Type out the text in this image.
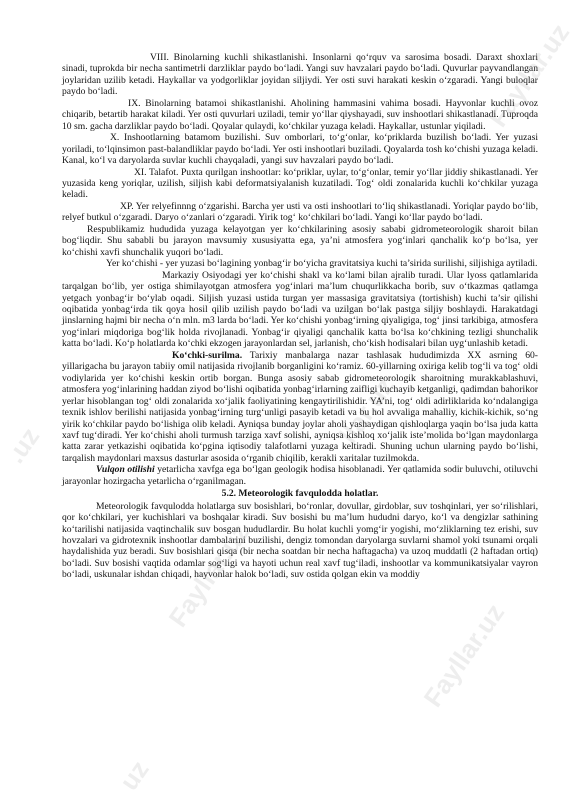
VIII. Binolarning kuchli shikastlanishi. Insonlarni qo‘rquv va sarosima bosadi. Daraxt shoxlari sinadi, tuprokda bir necha santimetrli darzliklar paydo bo‘ladi. Yangi suv havzalari paydo bo‘ladi. Quvurlar payvandlangan joylaridan uzilib ketadi. Haykallar va yodgorliklar joyidan siljiydi. Yer osti suvi harakati keskin o‘zgaradi. Yangi buloqlar paydo bo‘ladi.

IX. Binolarning batamoi shikastlanishi. Aholining hammasini vahima bosadi. Hayvonlar kuchli ovoz chiqarib, betartib harakat kiladi. Yer osti quvurlari uziladi, temir yo‘llar qiyshayadi, suv inshootlari shikastlanadi. Tuproqda 10 sm. gacha darzliklar paydo bo‘ladi. Qoyalar qulaydi, ko‘chkilar yuzaga keladi. Haykallar, ustunlar yiqiladi.

X. Inshootlarning batamom buzilishi. Suv omborlari, to‘g‘onlar, ko‘priklarda buzilish bo‘ladi. Yer yuzasi yoriladi, to‘lqinsimon past-balandliklar paydo bo‘ladi. Yer osti inshootlari buziladi. Qoyalarda tosh ko‘chishi yuzaga keladi. Kanal, ko‘l va daryolarda suvlar kuchli chayqaladi, yangi suv havzalari paydo bo‘ladi.

XI. Talafot. Puxta qurilgan inshootlar: ko‘priklar, uylar, to‘g‘onlar, temir yo‘llar jiddiy shikastlanadi. Yer yuzasida keng yoriqlar, uzilish, siljish kabi deformatsiyalanish kuzatiladi. Tog‘ oldi zonalarida kuchli ko‘chkilar yuzaga keladi.

XP. Yer relyefinnng o‘zgarishi. Barcha yer usti va osti inshootlari to‘liq shikastlanadi. Yoriqlar paydo bo‘lib, relyef butkul o‘zgaradi. Daryo o‘zanlari o‘zgaradi. Yirik tog‘ ko‘chkilari bo‘ladi. Yangi ko‘llar paydo bo‘ladi.

Respublikamiz hududida yuzaga kelayotgan yer ko‘chkilarining asosiy sababi gidrometeorologik sharoit bilan bog‘liqdir. Shu sababli bu jarayon mavsumiy xususiyatta ega, ya’ni atmosfera yog‘inlari qanchalik ko‘p bo‘lsa, yer ko‘chishi xavfi shunchalik yuqori bo‘ladi.

Yer ko‘chishi - yer yuzasi bo‘lagining yonbag‘ir bo‘yicha gravitatsiya kuchi ta’sirida surilishi, siljishiga aytiladi.

Markaziy Osiyodagi yer ko‘chishi shakl va ko‘lami bilan ajralib turadi. Ular lyoss qatlamlarida tarqalgan bo‘lib, yer ostiga shimilayotgan atmosfera yog‘inlari ma’lum chuqurlikkacha borib, suv o‘tkazmas qatlamga yetgach yonbag‘ir bo‘ylab oqadi. Siljish yuzasi ustida turgan yer massasiga gravitatsiya (tortishish) kuchi ta’sir qilishi oqibatida yonbag‘irda tik qoya hosil qilib uzilish paydo bo‘ladi va uzilgan bo‘lak pastga siljiy boshlaydi. Harakatdagi jinslarning hajmi bir necha o‘n mln. m3 larda bo‘ladi. Yer ko‘chishi yonbag‘irning qiyaligiga, tog‘ jinsi tarkibiga, atmosfera yog‘inlari miqdoriga bog‘lik holda rivojlanadi. Yonbag‘ir qiyaligi qanchalik katta bo‘lsa ko‘chkining tezligi shunchalik katta bo‘ladi. Ko‘p holatlarda ko‘chki ekzogen jarayonlardan sel, jarlanish, cho‘kish hodisalari bilan uyg‘unlashib ketadi.

Ko‘chki-surilma. Tarixiy manbalarga nazar tashlasak hududimizda XX asrning 60-yillarigacha bu jarayon tabiiy omil natijasida rivojlanib borganligini ko‘ramiz. 60-yillarning oxiriga kelib tog‘li va tog‘ oldi vodiylarida yer ko‘chishi keskin ortib borgan. Bunga asosiy sabab gidrometeorologik sharoitning murakkablashuvi, atmosfera yog‘inlarining haddan ziyod bo‘lishi oqibatida yonbag‘irlarning zaifligi kuchayib ketganligi, qadimdan bahorikor yerlar hisoblangan tog‘ oldi zonalarida xo‘jalik faoliyatining kengaytirilishidir. YA’ni, tog‘ oldi adirliklarida ko‘ndalangiga texnik ishlov berilishi natijasida yonbag‘irning turg‘unligi pasayib ketadi va bu hol avvaliga mahalliy, kichik-kichik, so‘ng yirik ko‘chkilar paydo bo‘lishiga olib keladi. Ayniqsa bunday joylar aholi yashaydigan qishloqlarga yaqin bo‘lsa juda katta xavf tug‘diradi. Yer ko‘chishi aholi turmush tarziga xavf solishi, ayniqsa kishloq xo‘jalik iste’molida bo‘lgan maydonlarga katta zarar yetkazishi oqibatida ko‘pgina iqtisodiy talafotlarni yuzaga keltiradi. Shuning uchun ularning paydo bo‘lishi, tarqalish maydonlari maxsus dasturlar asosida o‘rganib chiqilib, kerakli xaritalar tuzilmokda.

Vulqon otilishi yetarlicha xavfga ega bo‘lgan geologik hodisa hisoblanadi. Yer qatlamida sodir buluvchi, otiluvchi jarayonlar hozirgacha yetarlicha o‘rganilmagan.

5.2. Meteorologik favqulodda holatlar.

Meteorologik favqulodda holatlarga suv bosishlari, bo‘ronlar, dovullar, girdoblar, suv toshqinlari, yer so‘rilishlari, qor ko‘chkilari, yer kuchishlari va boshqalar kiradi. Suv bosishi bu ma’lum hududni daryo, ko‘l va dengizlar sathining ko‘tarilishi natijasida vaqtinchalik suv bosgan hududlardir. Bu holat kuchli yomg‘ir yogishi, mo‘zliklarning tez erishi, suv hovzalari va gidrotexnik inshootlar dambalarini buzilishi, dengiz tomondan daryolarga suvlarni shamol yoki tsunami orqali haydalishida yuz beradi. Suv bosishlari qisqa (bir necha soatdan bir necha haftagacha) va uzoq muddatli (2 haftadan ortiq) bo‘ladi. Suv bosishi vaqtida odamlar sog‘ligi va hayoti uchun real xavf tug‘iladi, inshootlar va kommunikatsiyalar vayron bo‘ladi, uskunalar ishdan chiqadi, hayvonlar halok bo‘ladi, suv ostida qolgan ekin va moddiy

Fayllar.uz
Fayllar.uz
.uz	llar.uz
Fayllar.uz
uz
